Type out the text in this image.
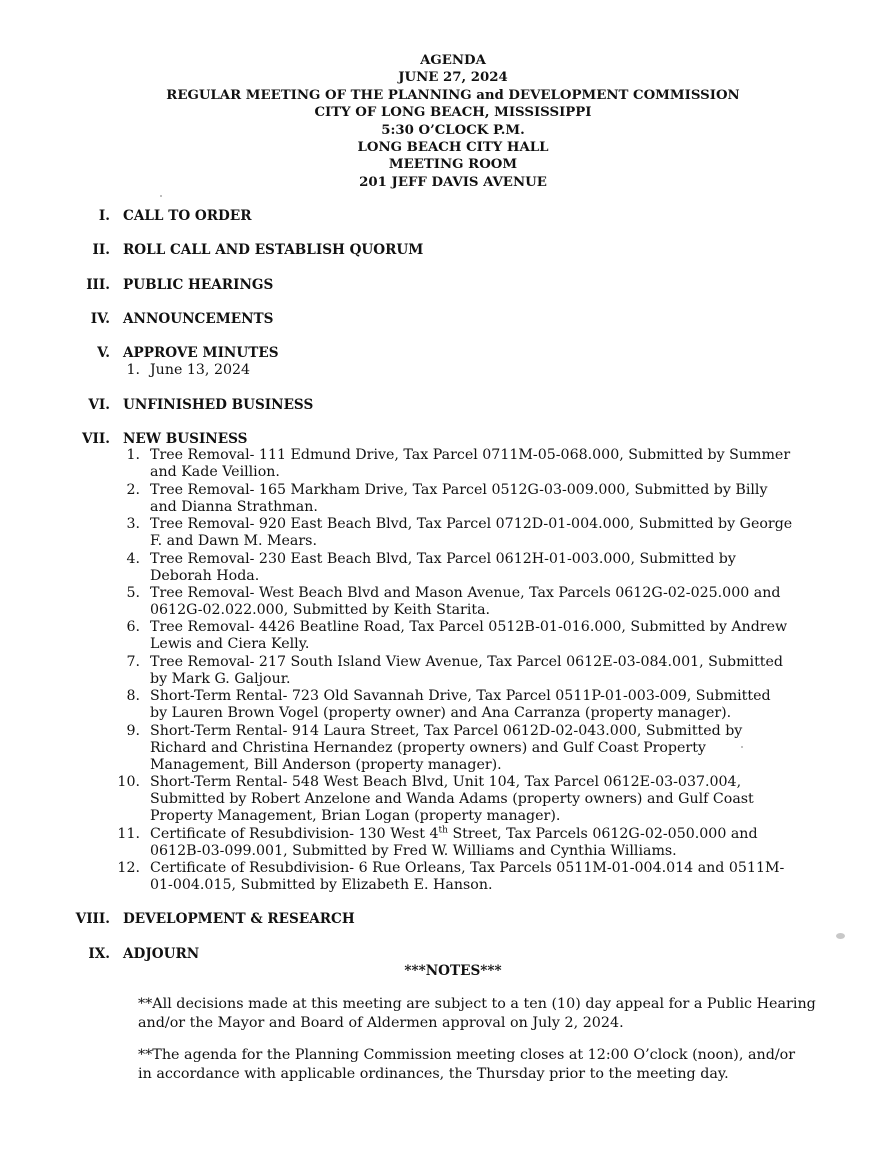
AGENDA
JUNE 27, 2024
REGULAR MEETING OF THE PLANNING and DEVELOPMENT COMMISSION
CITY OF LONG BEACH, MISSISSIPPI
5:30 O’CLOCK P.M.
LONG BEACH CITY HALL
MEETING ROOM
201 JEFF DAVIS AVENUE
I. CALL TO ORDER
II. ROLL CALL AND ESTABLISH QUORUM
III. PUBLIC HEARINGS
IV. ANNOUNCEMENTS
V. APPROVE MINUTES
1. June 13, 2024
VI. UNFINISHED BUSINESS
VII. NEW BUSINESS
1. Tree Removal- 111 Edmund Drive, Tax Parcel 0711M-05-068.000, Submitted by Summer
and Kade Veillion.
2. Tree Removal- 165 Markham Drive, Tax Parcel 0512G-03-009.000, Submitted by Billy
and Dianna Strathman.
3. Tree Removal- 920 East Beach Blvd, Tax Parcel 0712D-01-004.000, Submitted by George
F. and Dawn M. Mears.
4. Tree Removal- 230 East Beach Blvd, Tax Parcel 0612H-01-003.000, Submitted by
Deborah Hoda.
5. Tree Removal- West Beach Blvd and Mason Avenue, Tax Parcels 0612G-02-025.000 and
0612G-02.022.000, Submitted by Keith Starita.
6. Tree Removal- 4426 Beatline Road, Tax Parcel 0512B-01-016.000, Submitted by Andrew
Lewis and Ciera Kelly.
7. Tree Removal- 217 South Island View Avenue, Tax Parcel 0612E-03-084.001, Submitted
by Mark G. Galjour.
8. Short-Term Rental- 723 Old Savannah Drive, Tax Parcel 0511P-01-003-009, Submitted
by Lauren Brown Vogel (property owner) and Ana Carranza (property manager).
9. Short-Term Rental- 914 Laura Street, Tax Parcel 0612D-02-043.000, Submitted by
Richard and Christina Hernandez (property owners) and Gulf Coast Property
Management, Bill Anderson (property manager).
10. Short-Term Rental- 548 West Beach Blvd, Unit 104, Tax Parcel 0612E-03-037.004,
Submitted by Robert Anzelone and Wanda Adams (property owners) and Gulf Coast
Property Management, Brian Logan (property manager).
11. Certificate of Resubdivision- 130 West 4th Street, Tax Parcels 0612G-02-050.000 and
0612B-03-099.001, Submitted by Fred W. Williams and Cynthia Williams.
12. Certificate of Resubdivision- 6 Rue Orleans, Tax Parcels 0511M-01-004.014 and 0511M-
01-004.015, Submitted by Elizabeth E. Hanson.
VIII. DEVELOPMENT & RESEARCH
IX. ADJOURN
***NOTES***
**All decisions made at this meeting are subject to a ten (10) day appeal for a Public Hearing
and/or the Mayor and Board of Aldermen approval on July 2, 2024.
**The agenda for the Planning Commission meeting closes at 12:00 O’clock (noon), and/or
in accordance with applicable ordinances, the Thursday prior to the meeting day.
